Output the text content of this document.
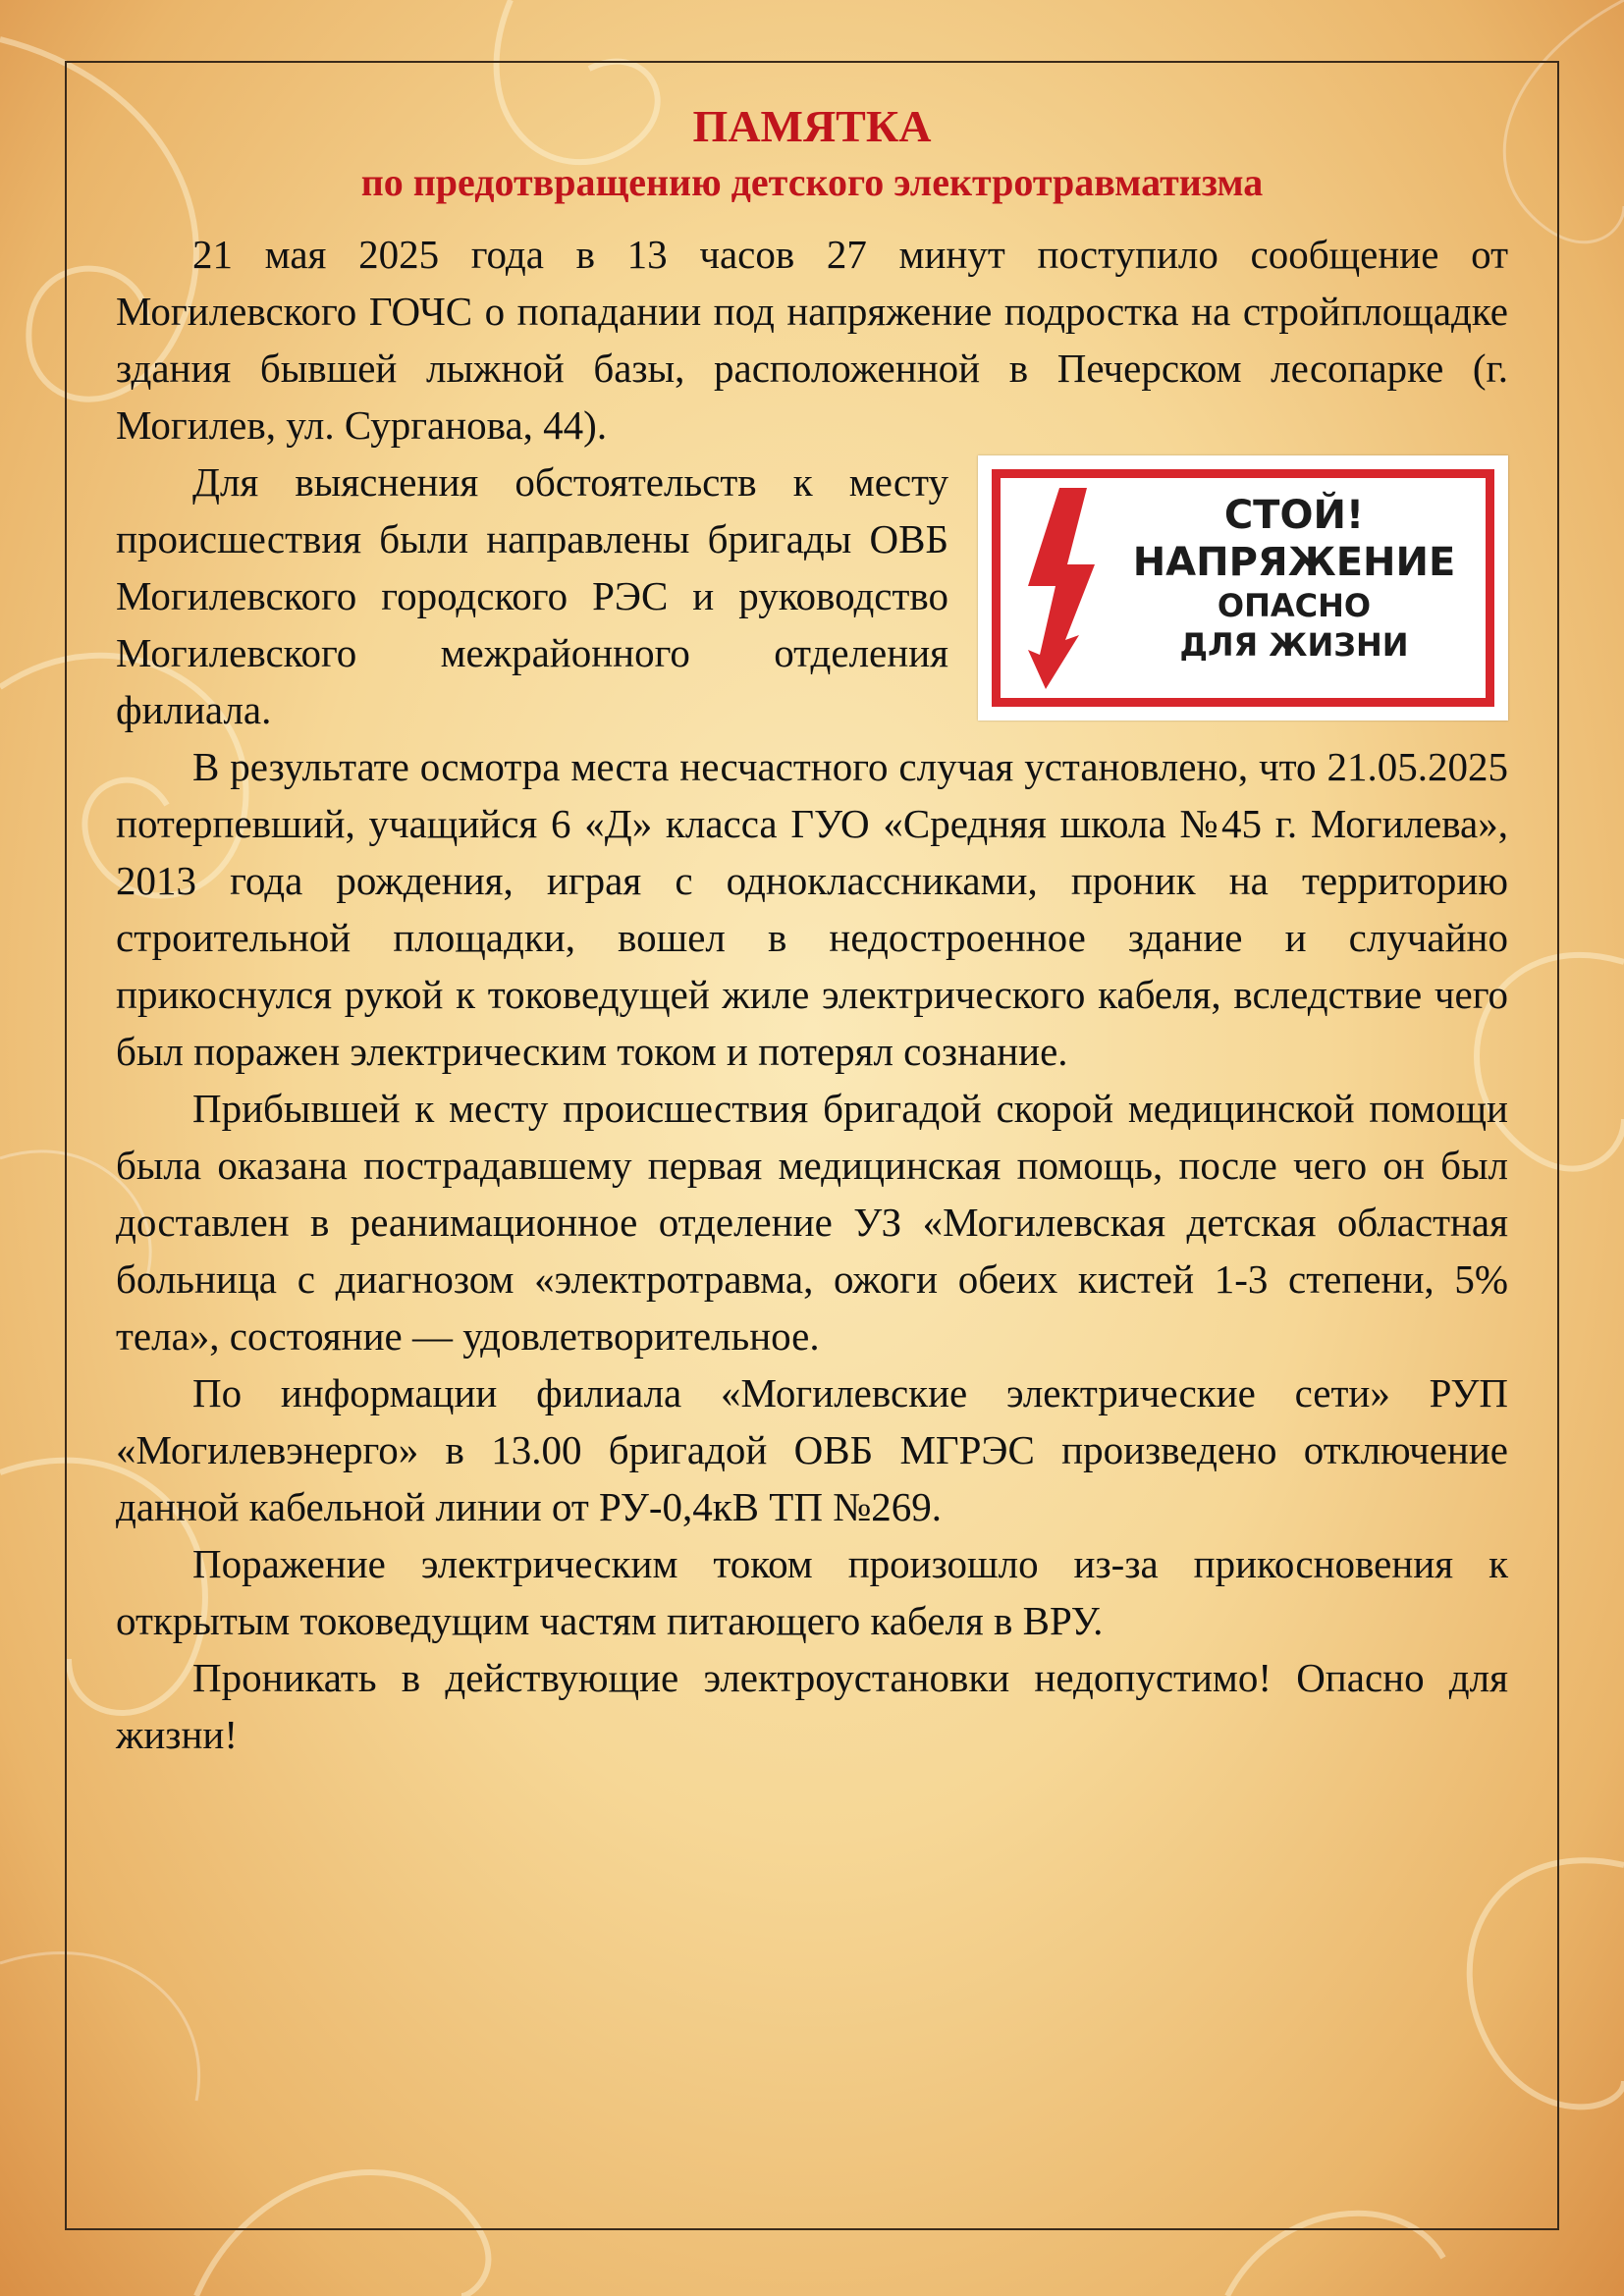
ПАМЯТКА
по предотвращению детского электротравматизма

21 мая 2025 года в 13 часов 27 минут поступило сообщение от Могилевского ГОЧС о попадании под напряжение подростка на стройплощадке здания бывшей лыжной базы, расположенной в Печерском лесопарке (г. Могилев, ул. Сурганова, 44).

СТОЙ!
НАПРЯЖЕНИЕ
ОПАСНО
ДЛЯ ЖИЗНИ

Для выяснения обстоятельств к месту происшествия были направлены бригады ОВБ Могилевского городского РЭС и руководство Могилевского межрайонного отделения филиала.

В результате осмотра места несчастного случая установлено, что 21.05.2025 потерпевший, учащийся 6 «Д» класса ГУО «Средняя школа №45 г. Могилева», 2013 года рождения, играя с одноклассниками, проник на территорию строительной площадки, вошел в недостроенное здание и случайно прикоснулся рукой к токоведущей жиле электрического кабеля, вследствие чего был поражен электрическим током и потерял сознание.

Прибывшей к месту происшествия бригадой скорой медицинской помощи была оказана пострадавшему первая медицинская помощь, после чего он был доставлен в реанимационное отделение УЗ «Могилевская детская областная больница с диагнозом «электротравма, ожоги обеих кистей 1-3 степени, 5% тела», состояние — удовлетворительное.

По информации филиала «Могилевские электрические сети» РУП «Могилевэнерго» в 13.00 бригадой ОВБ МГРЭС произведено отключение данной кабельной линии от РУ-0,4кВ ТП №269.

Поражение электрическим током произошло из-за прикосновения к открытым токоведущим частям питающего кабеля в ВРУ.

Проникать в действующие электроустановки недопустимо! Опасно для жизни!
